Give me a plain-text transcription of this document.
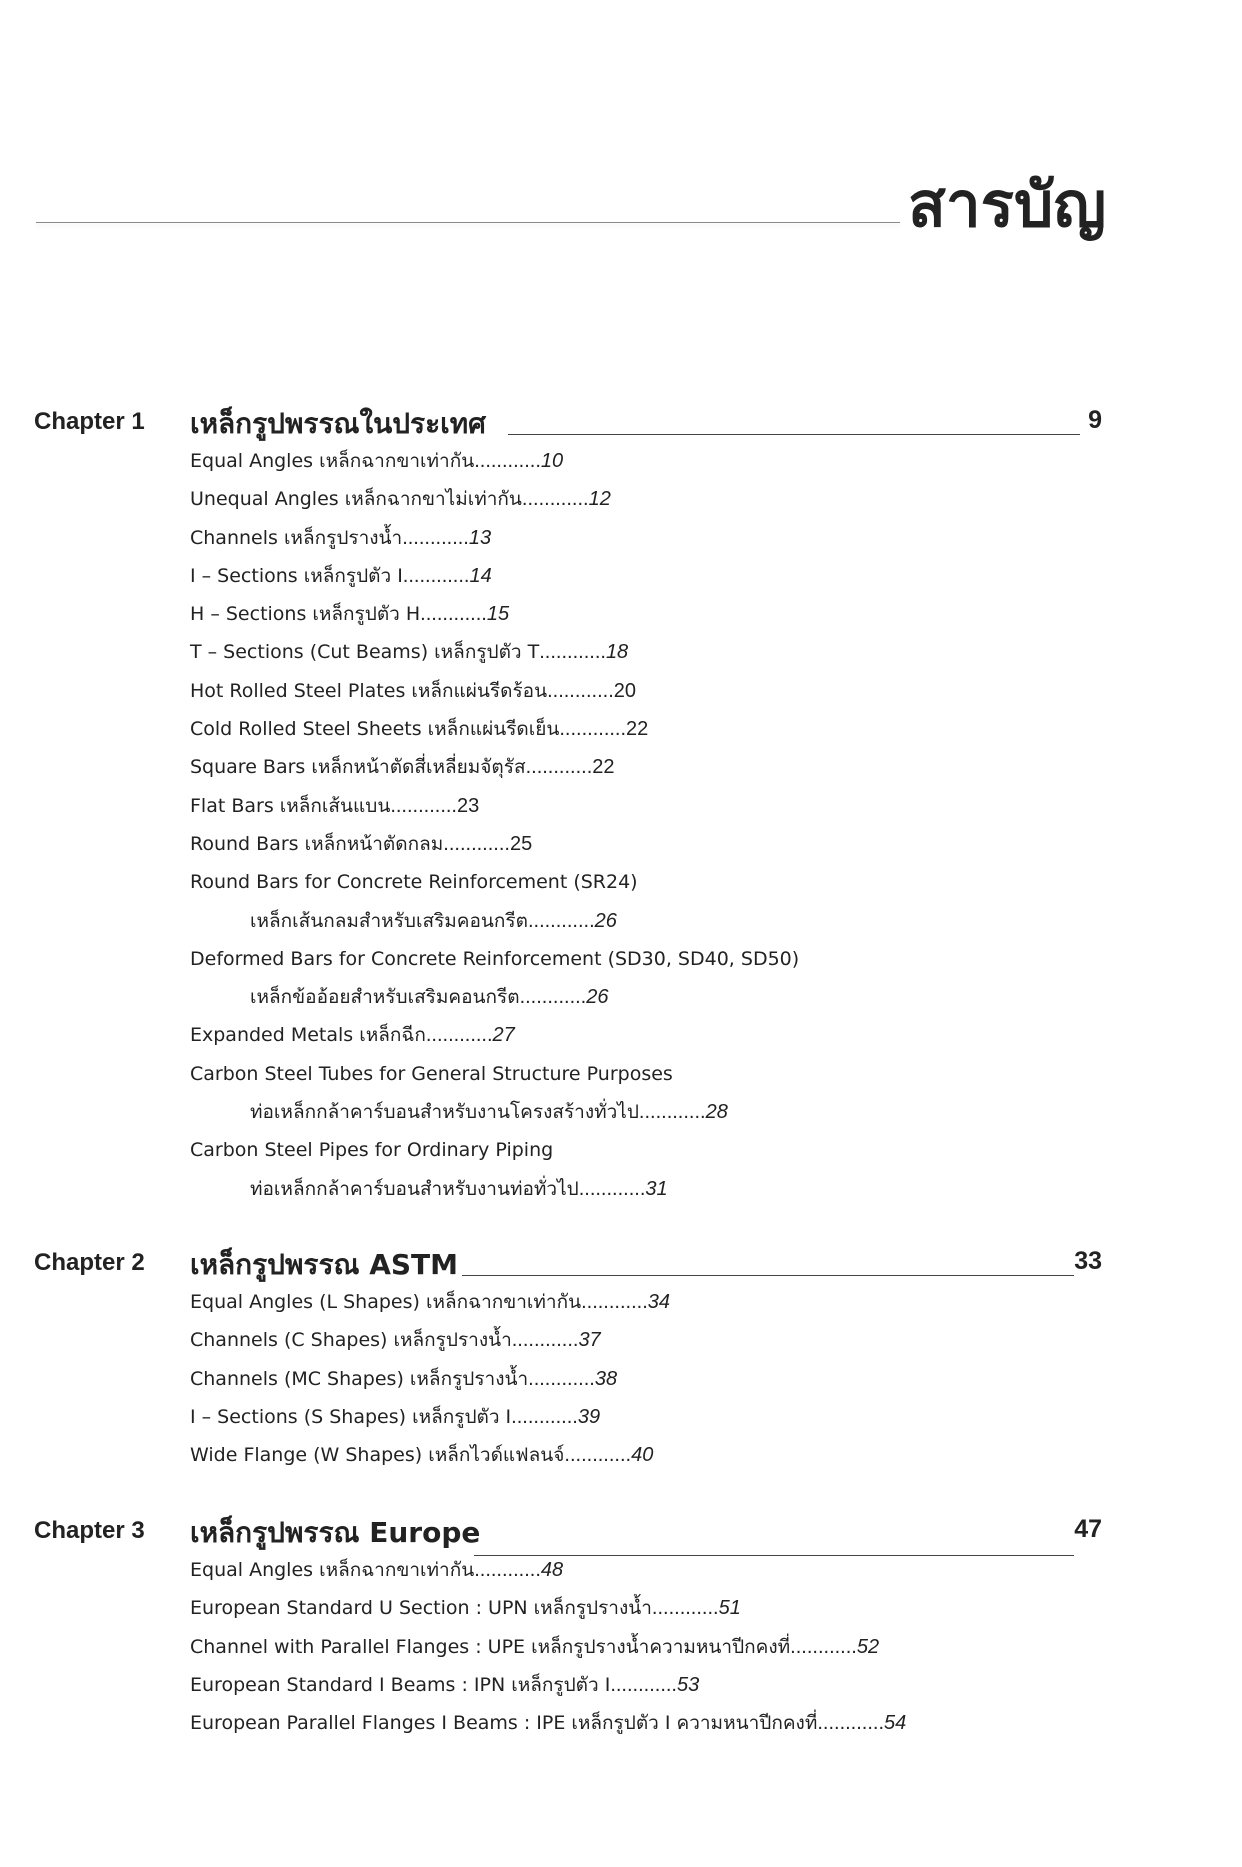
สารบัญ
Chapter 1 เหล็กรูปพรรณในประเทศ	9
Equal Angles เหล็กฉากขาเท่ากัน............10
Unequal Angles เหล็กฉากขาไม่เท่ากัน............12
Channels เหล็กรูปรางน้ำ............13
I – Sections เหล็กรูปตัว I............14
H – Sections เหล็กรูปตัว H............15
T – Sections (Cut Beams) เหล็กรูปตัว T............18
Hot Rolled Steel Plates เหล็กแผ่นรีดร้อน............20
Cold Rolled Steel Sheets เหล็กแผ่นรีดเย็น............22
Square Bars เหล็กหน้าตัดสี่เหลี่ยมจัตุรัส............22
Flat Bars เหล็กเส้นแบน............23
Round Bars เหล็กหน้าตัดกลม............25
Round Bars for Concrete Reinforcement (SR24)
เหล็กเส้นกลมสำหรับเสริมคอนกรีต............26
Deformed Bars for Concrete Reinforcement (SD30, SD40, SD50)
เหล็กข้ออ้อยสำหรับเสริมคอนกรีต............26
Expanded Metals เหล็กฉีก............27
Carbon Steel Tubes for General Structure Purposes
ท่อเหล็กกล้าคาร์บอนสำหรับงานโครงสร้างทั่วไป............28
Carbon Steel Pipes for Ordinary Piping
ท่อเหล็กกล้าคาร์บอนสำหรับงานท่อทั่วไป............31
Chapter 2 เหล็กรูปพรรณ ASTM	33
Equal Angles (L Shapes) เหล็กฉากขาเท่ากัน............34
Channels (C Shapes) เหล็กรูปรางน้ำ............37
Channels (MC Shapes) เหล็กรูปรางน้ำ............38
I – Sections (S Shapes) เหล็กรูปตัว I............39
Wide Flange (W Shapes) เหล็กไวด์แฟลนจ์............40
Chapter 3 เหล็กรูปพรรณ Europe	47
Equal Angles เหล็กฉากขาเท่ากัน............48
European Standard U Section : UPN เหล็กรูปรางน้ำ............51
Channel with Parallel Flanges : UPE เหล็กรูปรางน้ำความหนาปีกคงที่............52
European Standard I Beams : IPN เหล็กรูปตัว I............53
European Parallel Flanges I Beams : IPE เหล็กรูปตัว I ความหนาปีกคงที่............54
